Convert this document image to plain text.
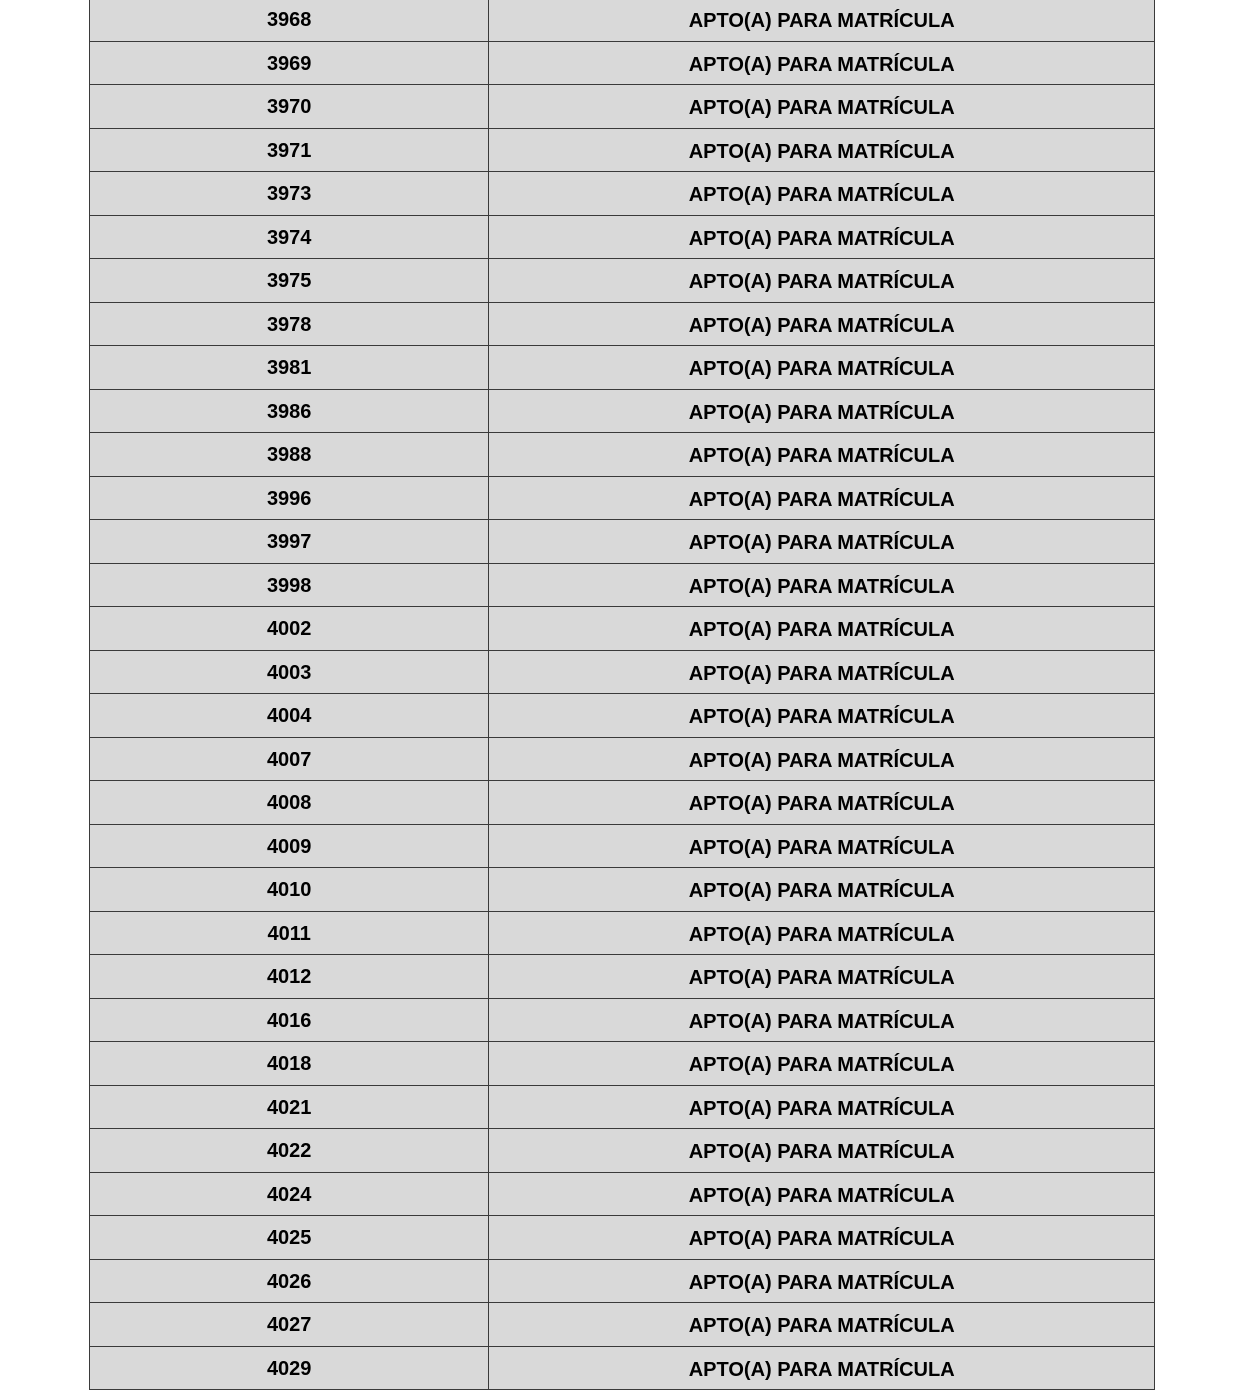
3968	APTO(A) PARA MATRÍCULA
3969	APTO(A) PARA MATRÍCULA
3970	APTO(A) PARA MATRÍCULA
3971	APTO(A) PARA MATRÍCULA
3973	APTO(A) PARA MATRÍCULA
3974	APTO(A) PARA MATRÍCULA
3975	APTO(A) PARA MATRÍCULA
3978	APTO(A) PARA MATRÍCULA
3981	APTO(A) PARA MATRÍCULA
3986	APTO(A) PARA MATRÍCULA
3988	APTO(A) PARA MATRÍCULA
3996	APTO(A) PARA MATRÍCULA
3997	APTO(A) PARA MATRÍCULA
3998	APTO(A) PARA MATRÍCULA
4002	APTO(A) PARA MATRÍCULA
4003	APTO(A) PARA MATRÍCULA
4004	APTO(A) PARA MATRÍCULA
4007	APTO(A) PARA MATRÍCULA
4008	APTO(A) PARA MATRÍCULA
4009	APTO(A) PARA MATRÍCULA
4010	APTO(A) PARA MATRÍCULA
4011	APTO(A) PARA MATRÍCULA
4012	APTO(A) PARA MATRÍCULA
4016	APTO(A) PARA MATRÍCULA
4018	APTO(A) PARA MATRÍCULA
4021	APTO(A) PARA MATRÍCULA
4022	APTO(A) PARA MATRÍCULA
4024	APTO(A) PARA MATRÍCULA
4025	APTO(A) PARA MATRÍCULA
4026	APTO(A) PARA MATRÍCULA
4027	APTO(A) PARA MATRÍCULA
4029	APTO(A) PARA MATRÍCULA
